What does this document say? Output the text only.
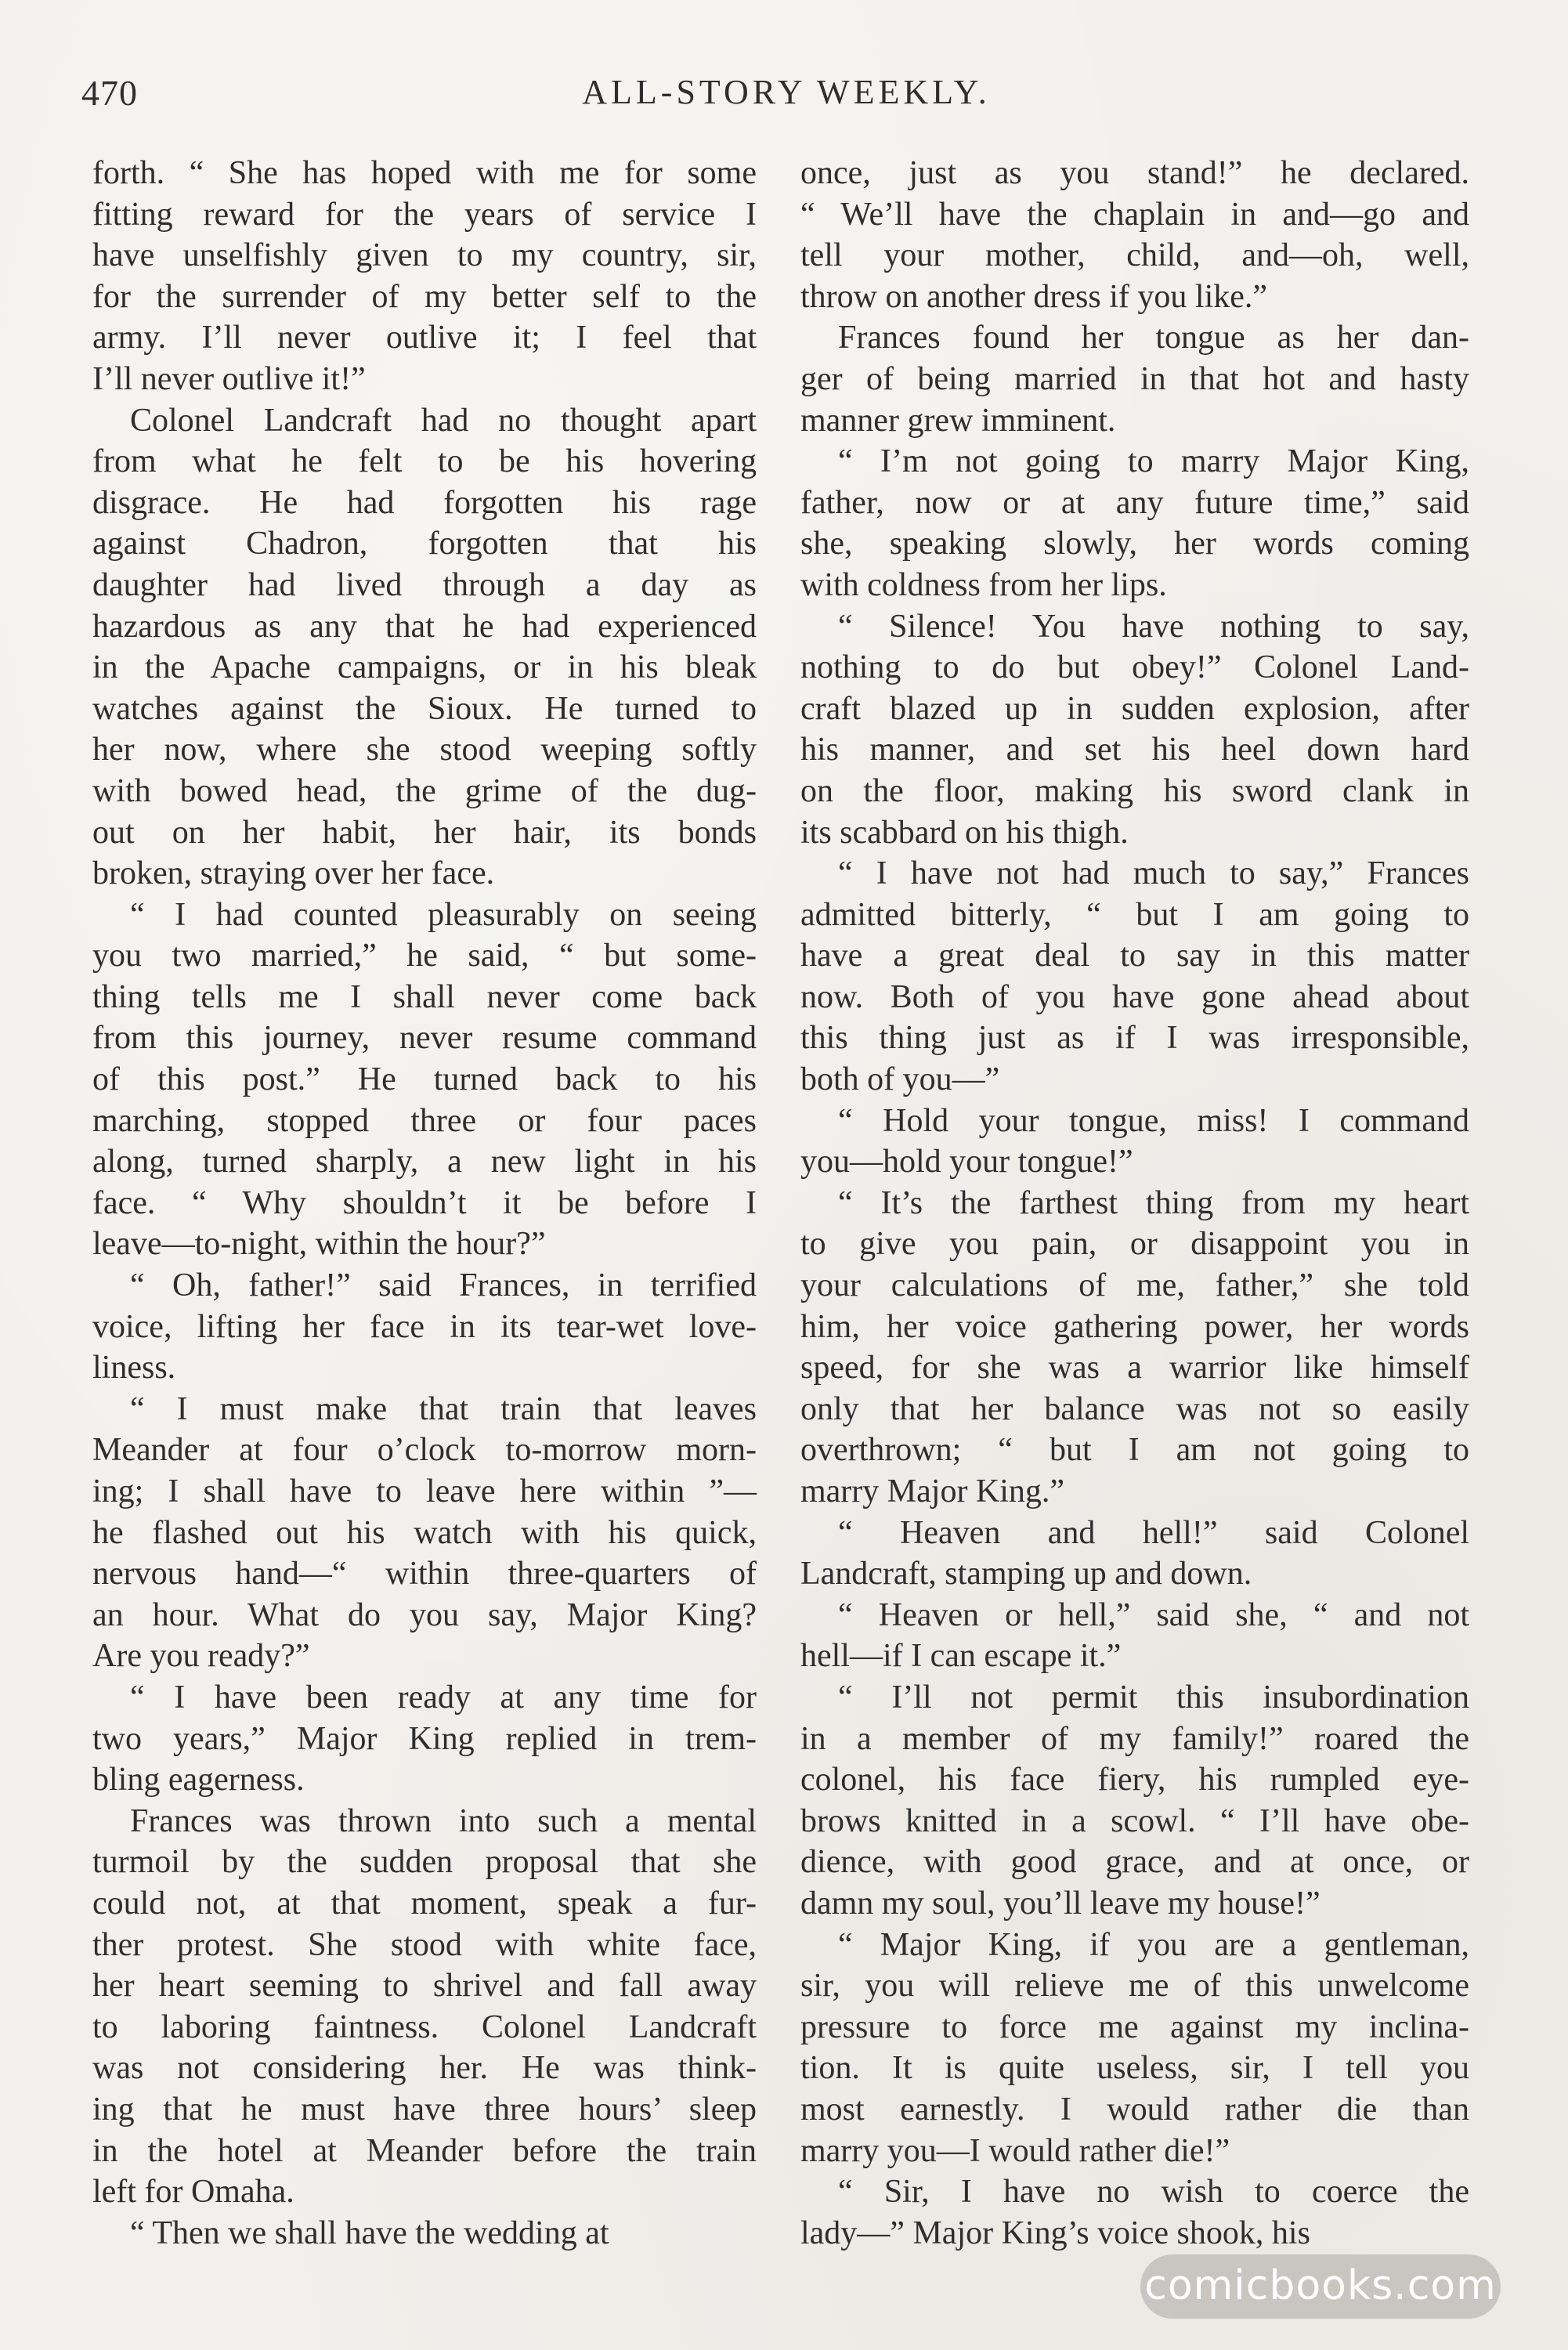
470	ALL-STORY WEEKLY.
forth. “ She has hoped with me for some
fitting reward for the years of service I
have unselfishly given to my country, sir,
for the surrender of my better self to the
army. I’ll never outlive it; I feel that
I’ll never outlive it!”
Colonel Landcraft had no thought apart
from what he felt to be his hovering
disgrace. He had forgotten his rage
against Chadron, forgotten that his
daughter had lived through a day as
hazardous as any that he had experienced
in the Apache campaigns, or in his bleak
watches against the Sioux. He turned to
her now, where she stood weeping softly
with bowed head, the grime of the dug-
out on her habit, her hair, its bonds
broken, straying over her face.
“ I had counted pleasurably on seeing
you two married,” he said, “ but some-
thing tells me I shall never come back
from this journey, never resume command
of this post.” He turned back to his
marching, stopped three or four paces
along, turned sharply, a new light in his
face. “ Why shouldn’t it be before I
leave—to-night, within the hour?”
“ Oh, father!” said Frances, in terrified
voice, lifting her face in its tear-wet love-
liness.
“ I must make that train that leaves
Meander at four o’clock to-morrow morn-
ing; I shall have to leave here within ”—
he flashed out his watch with his quick,
nervous hand—“ within three-quarters of
an hour. What do you say, Major King?
Are you ready?”
“ I have been ready at any time for
two years,” Major King replied in trem-
bling eagerness.
Frances was thrown into such a mental
turmoil by the sudden proposal that she
could not, at that moment, speak a fur-
ther protest. She stood with white face,
her heart seeming to shrivel and fall away
to laboring faintness. Colonel Landcraft
was not considering her. He was think-
ing that he must have three hours’ sleep
in the hotel at Meander before the train
left for Omaha.
“ Then we shall have the wedding at
once, just as you stand!” he declared.
“ We’ll have the chaplain in and—go and
tell your mother, child, and—oh, well,
throw on another dress if you like.”
Frances found her tongue as her dan-
ger of being married in that hot and hasty
manner grew imminent.
“ I’m not going to marry Major King,
father, now or at any future time,” said
she, speaking slowly, her words coming
with coldness from her lips.
“ Silence! You have nothing to say,
nothing to do but obey!” Colonel Land-
craft blazed up in sudden explosion, after
his manner, and set his heel down hard
on the floor, making his sword clank in
its scabbard on his thigh.
“ I have not had much to say,” Frances
admitted bitterly, “ but I am going to
have a great deal to say in this matter
now. Both of you have gone ahead about
this thing just as if I was irresponsible,
both of you—”
“ Hold your tongue, miss! I command
you—hold your tongue!”
“ It’s the farthest thing from my heart
to give you pain, or disappoint you in
your calculations of me, father,” she told
him, her voice gathering power, her words
speed, for she was a warrior like himself
only that her balance was not so easily
overthrown; “ but I am not going to
marry Major King.”
“ Heaven and hell!” said Colonel
Landcraft, stamping up and down.
“ Heaven or hell,” said she, “ and not
hell—if I can escape it.”
“ I’ll not permit this insubordination
in a member of my family!” roared the
colonel, his face fiery, his rumpled eye-
brows knitted in a scowl. “ I’ll have obe-
dience, with good grace, and at once, or
damn my soul, you’ll leave my house!”
“ Major King, if you are a gentleman,
sir, you will relieve me of this unwelcome
pressure to force me against my inclina-
tion. It is quite useless, sir, I tell you
most earnestly. I would rather die than
marry you—I would rather die!”
“ Sir, I have no wish to coerce the
lady—” Major King’s voice shook, his
comicbooks.com
